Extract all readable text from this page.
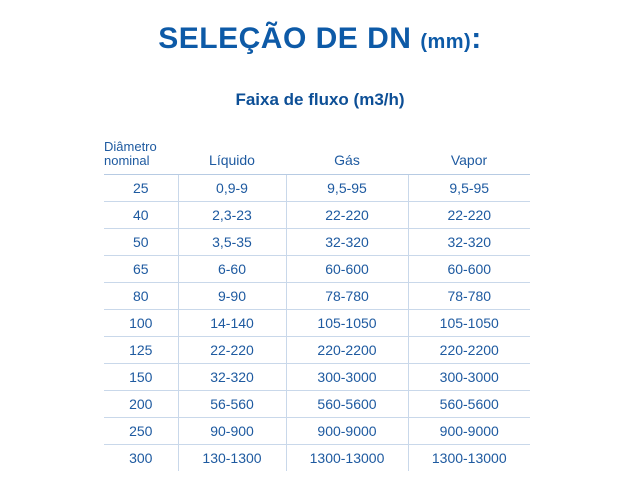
SELEÇÃO DE DN (mm):
Faixa de fluxo (m3/h)
Diâmetro
nominal	Líquido	Gás	Vapor
25	0,9-9	9,5-95	9,5-95
40	2,3-23	22-220	22-220
50	3,5-35	32-320	32-320
65	6-60	60-600	60-600
80	9-90	78-780	78-780
100	14-140	105-1050	105-1050
125	22-220	220-2200	220-2200
150	32-320	300-3000	300-3000
200	56-560	560-5600	560-5600
250	90-900	900-9000	900-9000
300	130-1300	1300-13000	1300-13000
